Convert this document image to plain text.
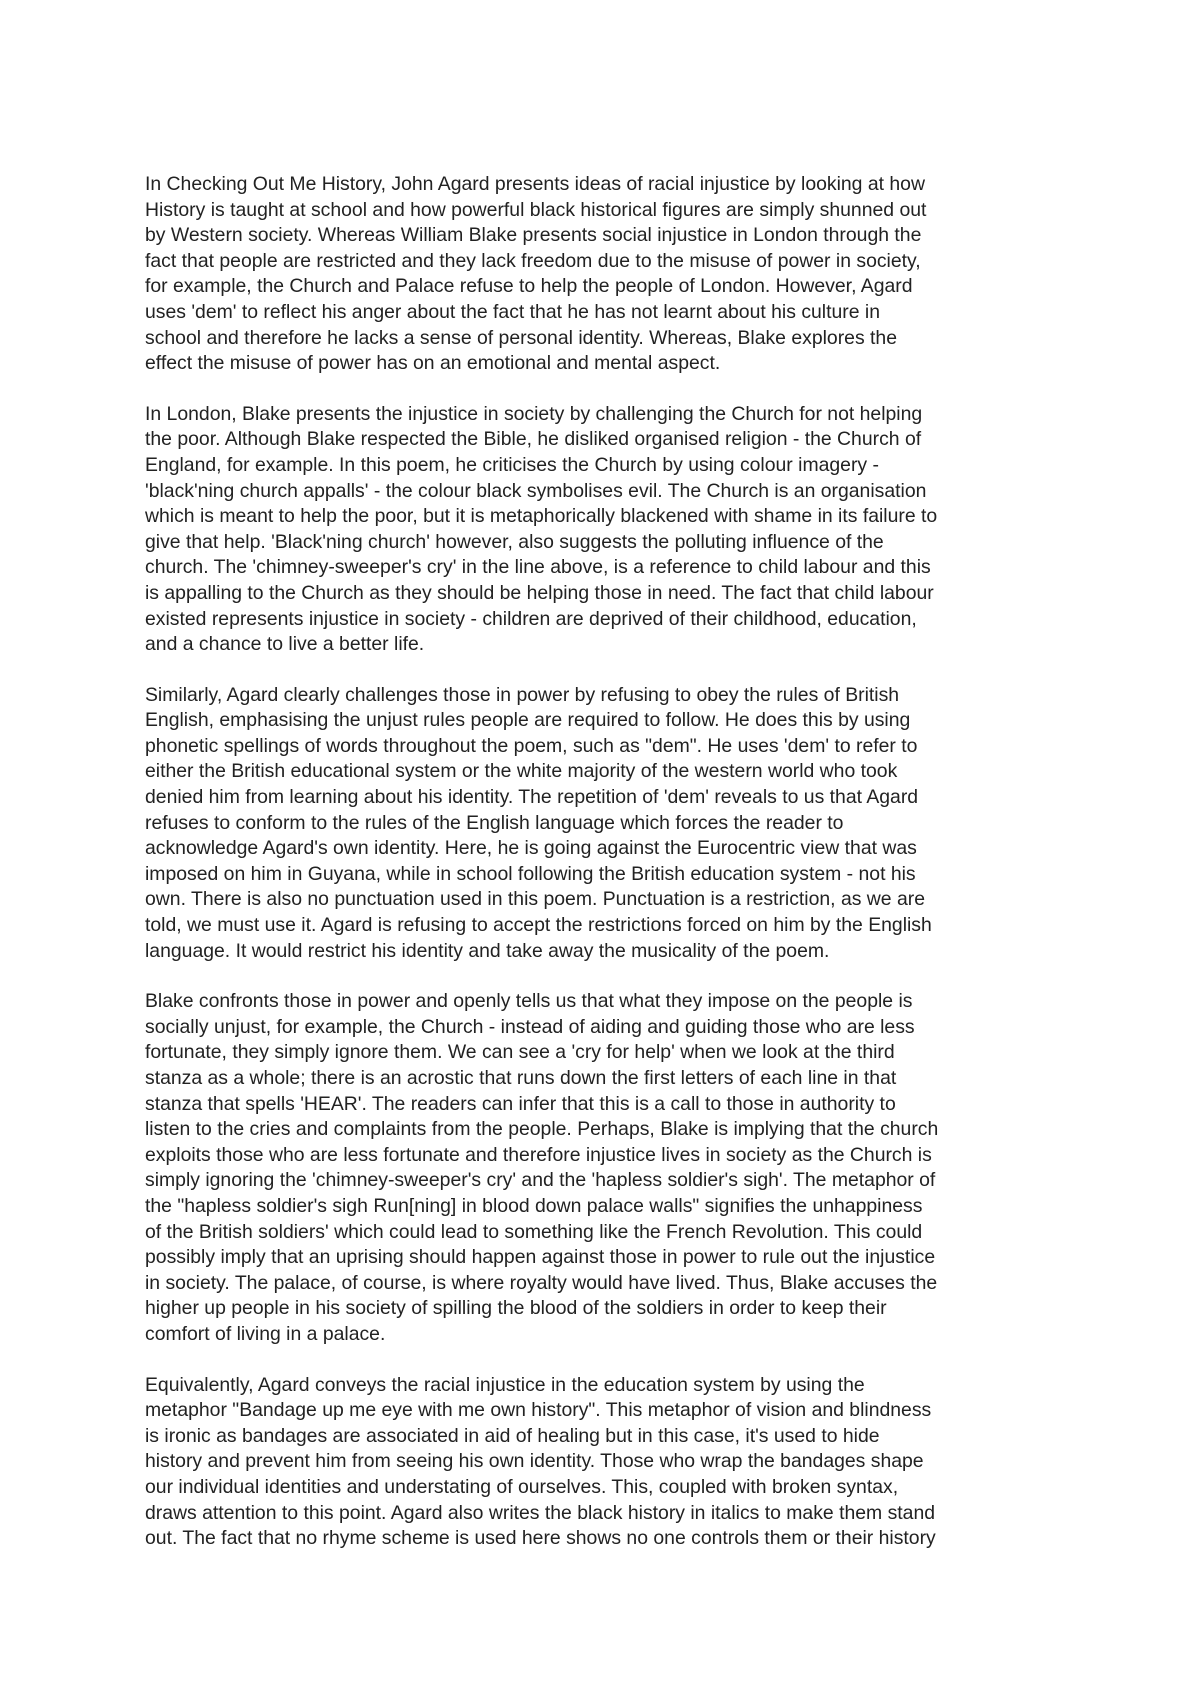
In Checking Out Me History, John Agard presents ideas of racial injustice by looking at how
History is taught at school and how powerful black historical figures are simply shunned out
by Western society. Whereas William Blake presents social injustice in London through the
fact that people are restricted and they lack freedom due to the misuse of power in society,
for example, the Church and Palace refuse to help the people of London. However, Agard
uses 'dem' to reflect his anger about the fact that he has not learnt about his culture in
school and therefore he lacks a sense of personal identity. Whereas, Blake explores the
effect the misuse of power has on an emotional and mental aspect.

In London, Blake presents the injustice in society by challenging the Church for not helping
the poor. Although Blake respected the Bible, he disliked organised religion - the Church of
England, for example. In this poem, he criticises the Church by using colour imagery -
'black'ning church appalls' - the colour black symbolises evil. The Church is an organisation
which is meant to help the poor, but it is metaphorically blackened with shame in its failure to
give that help. 'Black'ning church' however, also suggests the polluting influence of the
church. The 'chimney-sweeper's cry' in the line above, is a reference to child labour and this
is appalling to the Church as they should be helping those in need. The fact that child labour
existed represents injustice in society - children are deprived of their childhood, education,
and a chance to live a better life.

Similarly, Agard clearly challenges those in power by refusing to obey the rules of British
English, emphasising the unjust rules people are required to follow. He does this by using
phonetic spellings of words throughout the poem, such as "dem". He uses 'dem' to refer to
either the British educational system or the white majority of the western world who took
denied him from learning about his identity. The repetition of 'dem' reveals to us that Agard
refuses to conform to the rules of the English language which forces the reader to
acknowledge Agard's own identity. Here, he is going against the Eurocentric view that was
imposed on him in Guyana, while in school following the British education system - not his
own. There is also no punctuation used in this poem. Punctuation is a restriction, as we are
told, we must use it. Agard is refusing to accept the restrictions forced on him by the English
language. It would restrict his identity and take away the musicality of the poem.

Blake confronts those in power and openly tells us that what they impose on the people is
socially unjust, for example, the Church - instead of aiding and guiding those who are less
fortunate, they simply ignore them. We can see a 'cry for help' when we look at the third
stanza as a whole; there is an acrostic that runs down the first letters of each line in that
stanza that spells 'HEAR'. The readers can infer that this is a call to those in authority to
listen to the cries and complaints from the people. Perhaps, Blake is implying that the church
exploits those who are less fortunate and therefore injustice lives in society as the Church is
simply ignoring the 'chimney-sweeper's cry' and the 'hapless soldier's sigh'. The metaphor of
the "hapless soldier's sigh Run[ning] in blood down palace walls" signifies the unhappiness
of the British soldiers' which could lead to something like the French Revolution. This could
possibly imply that an uprising should happen against those in power to rule out the injustice
in society. The palace, of course, is where royalty would have lived. Thus, Blake accuses the
higher up people in his society of spilling the blood of the soldiers in order to keep their
comfort of living in a palace.

Equivalently, Agard conveys the racial injustice in the education system by using the
metaphor "Bandage up me eye with me own history". This metaphor of vision and blindness
is ironic as bandages are associated in aid of healing but in this case, it's used to hide
history and prevent him from seeing his own identity. Those who wrap the bandages shape
our individual identities and understating of ourselves. This, coupled with broken syntax,
draws attention to this point. Agard also writes the black history in italics to make them stand
out. The fact that no rhyme scheme is used here shows no one controls them or their history
